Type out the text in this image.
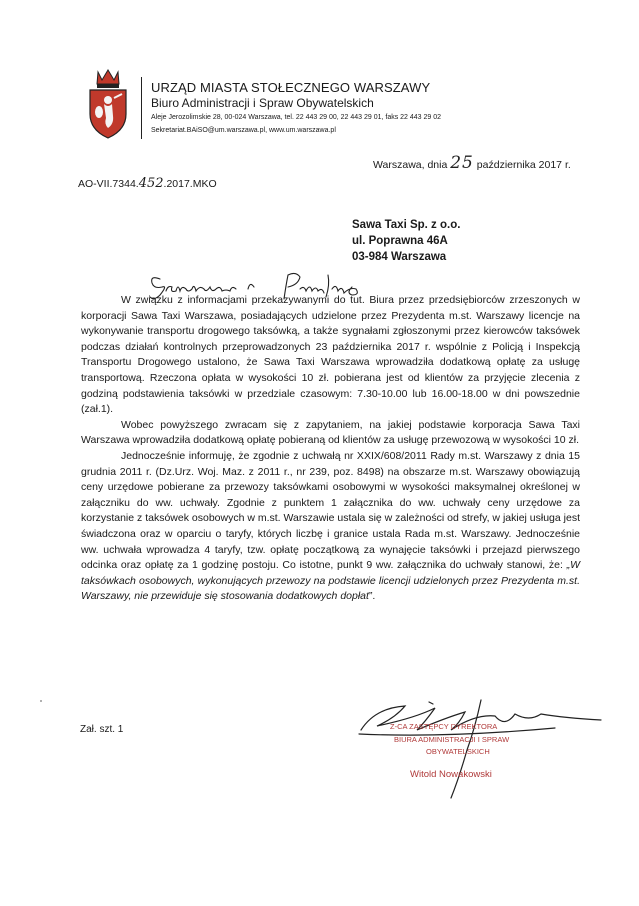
URZĄD MIASTA STOŁECZNEGO WARSZAWY
Biuro Administracji i Spraw Obywatelskich
Aleje Jerozolimskie 28, 00-024 Warszawa, tel. 22 443 29 00, 22 443 29 01, faks 22 443 29 02
Sekretariat.BAiSO@um.warszawa.pl, www.um.warszawa.pl
Warszawa, dnia 25 października 2017 r.
AO-VII.7344.452.2017.MKO
Sawa Taxi Sp. z o.o.
ul. Poprawna 46A
03-984 Warszawa

W związku z informacjami przekazywanymi do tut. Biura przez przedsiębiorców zrzeszonych w korporacji Sawa Taxi Warszawa, posiadających udzielone przez Prezydenta m.st. Warszawy licencje na wykonywanie transportu drogowego taksówką, a także sygnałami zgłoszonymi przez kierowców taksówek podczas działań kontrolnych przeprowadzonych 23 października 2017 r. wspólnie z Policją i Inspekcją Transportu Drogowego ustalono, że Sawa Taxi Warszawa wprowadziła dodatkową opłatę za usługę transportową. Rzeczona opłata w wysokości 10 zł. pobierana jest od klientów za przyjęcie zlecenia z godziną podstawienia taksówki w przedziale czasowym: 7.30-10.00 lub 16.00-18.00 w dni powszednie (zał.1).

Wobec powyższego zwracam się z zapytaniem, na jakiej podstawie korporacja Sawa Taxi Warszawa wprowadziła dodatkową opłatę pobieraną od klientów za usługę przewozową w wysokości 10 zł.

Jednocześnie informuję, że zgodnie z uchwałą nr XXIX/608/2011 Rady m.st. Warszawy z dnia 15 grudnia 2011 r. (Dz.Urz. Woj. Maz. z 2011 r., nr 239, poz. 8498) na obszarze m.st. Warszawy obowiązują ceny urzędowe pobierane za przewozy taksówkami osobowymi w wysokości maksymalnej określonej w załączniku do ww. uchwały. Zgodnie z punktem 1 załącznika do ww. uchwały ceny urzędowe za korzystanie z taksówek osobowych w m.st. Warszawie ustala się w zależności od strefy, w jakiej usługa jest świadczona oraz w oparciu o taryfy, których liczbę i granice ustala Rada m.st. Warszawy. Jednocześnie ww. uchwała wprowadza 4 taryfy, tzw. opłatę początkową za wynajęcie taksówki i przejazd pierwszego odcinka oraz opłatę za 1 godzinę postoju. Co istotne, punkt 9 ww. załącznika do uchwały stanowi, że: „W taksówkach osobowych, wykonujących przewozy na podstawie licencji udzielonych przez Prezydenta m.st. Warszawy, nie przewiduje się stosowania dodatkowych dopłat”.

Zał. szt. 1	Z-CA ZASTĘPCY DYREKTORA
BIURA ADMINISTRACJI I SPRAW
OBYWATELSKICH
Witold Nowakowski
